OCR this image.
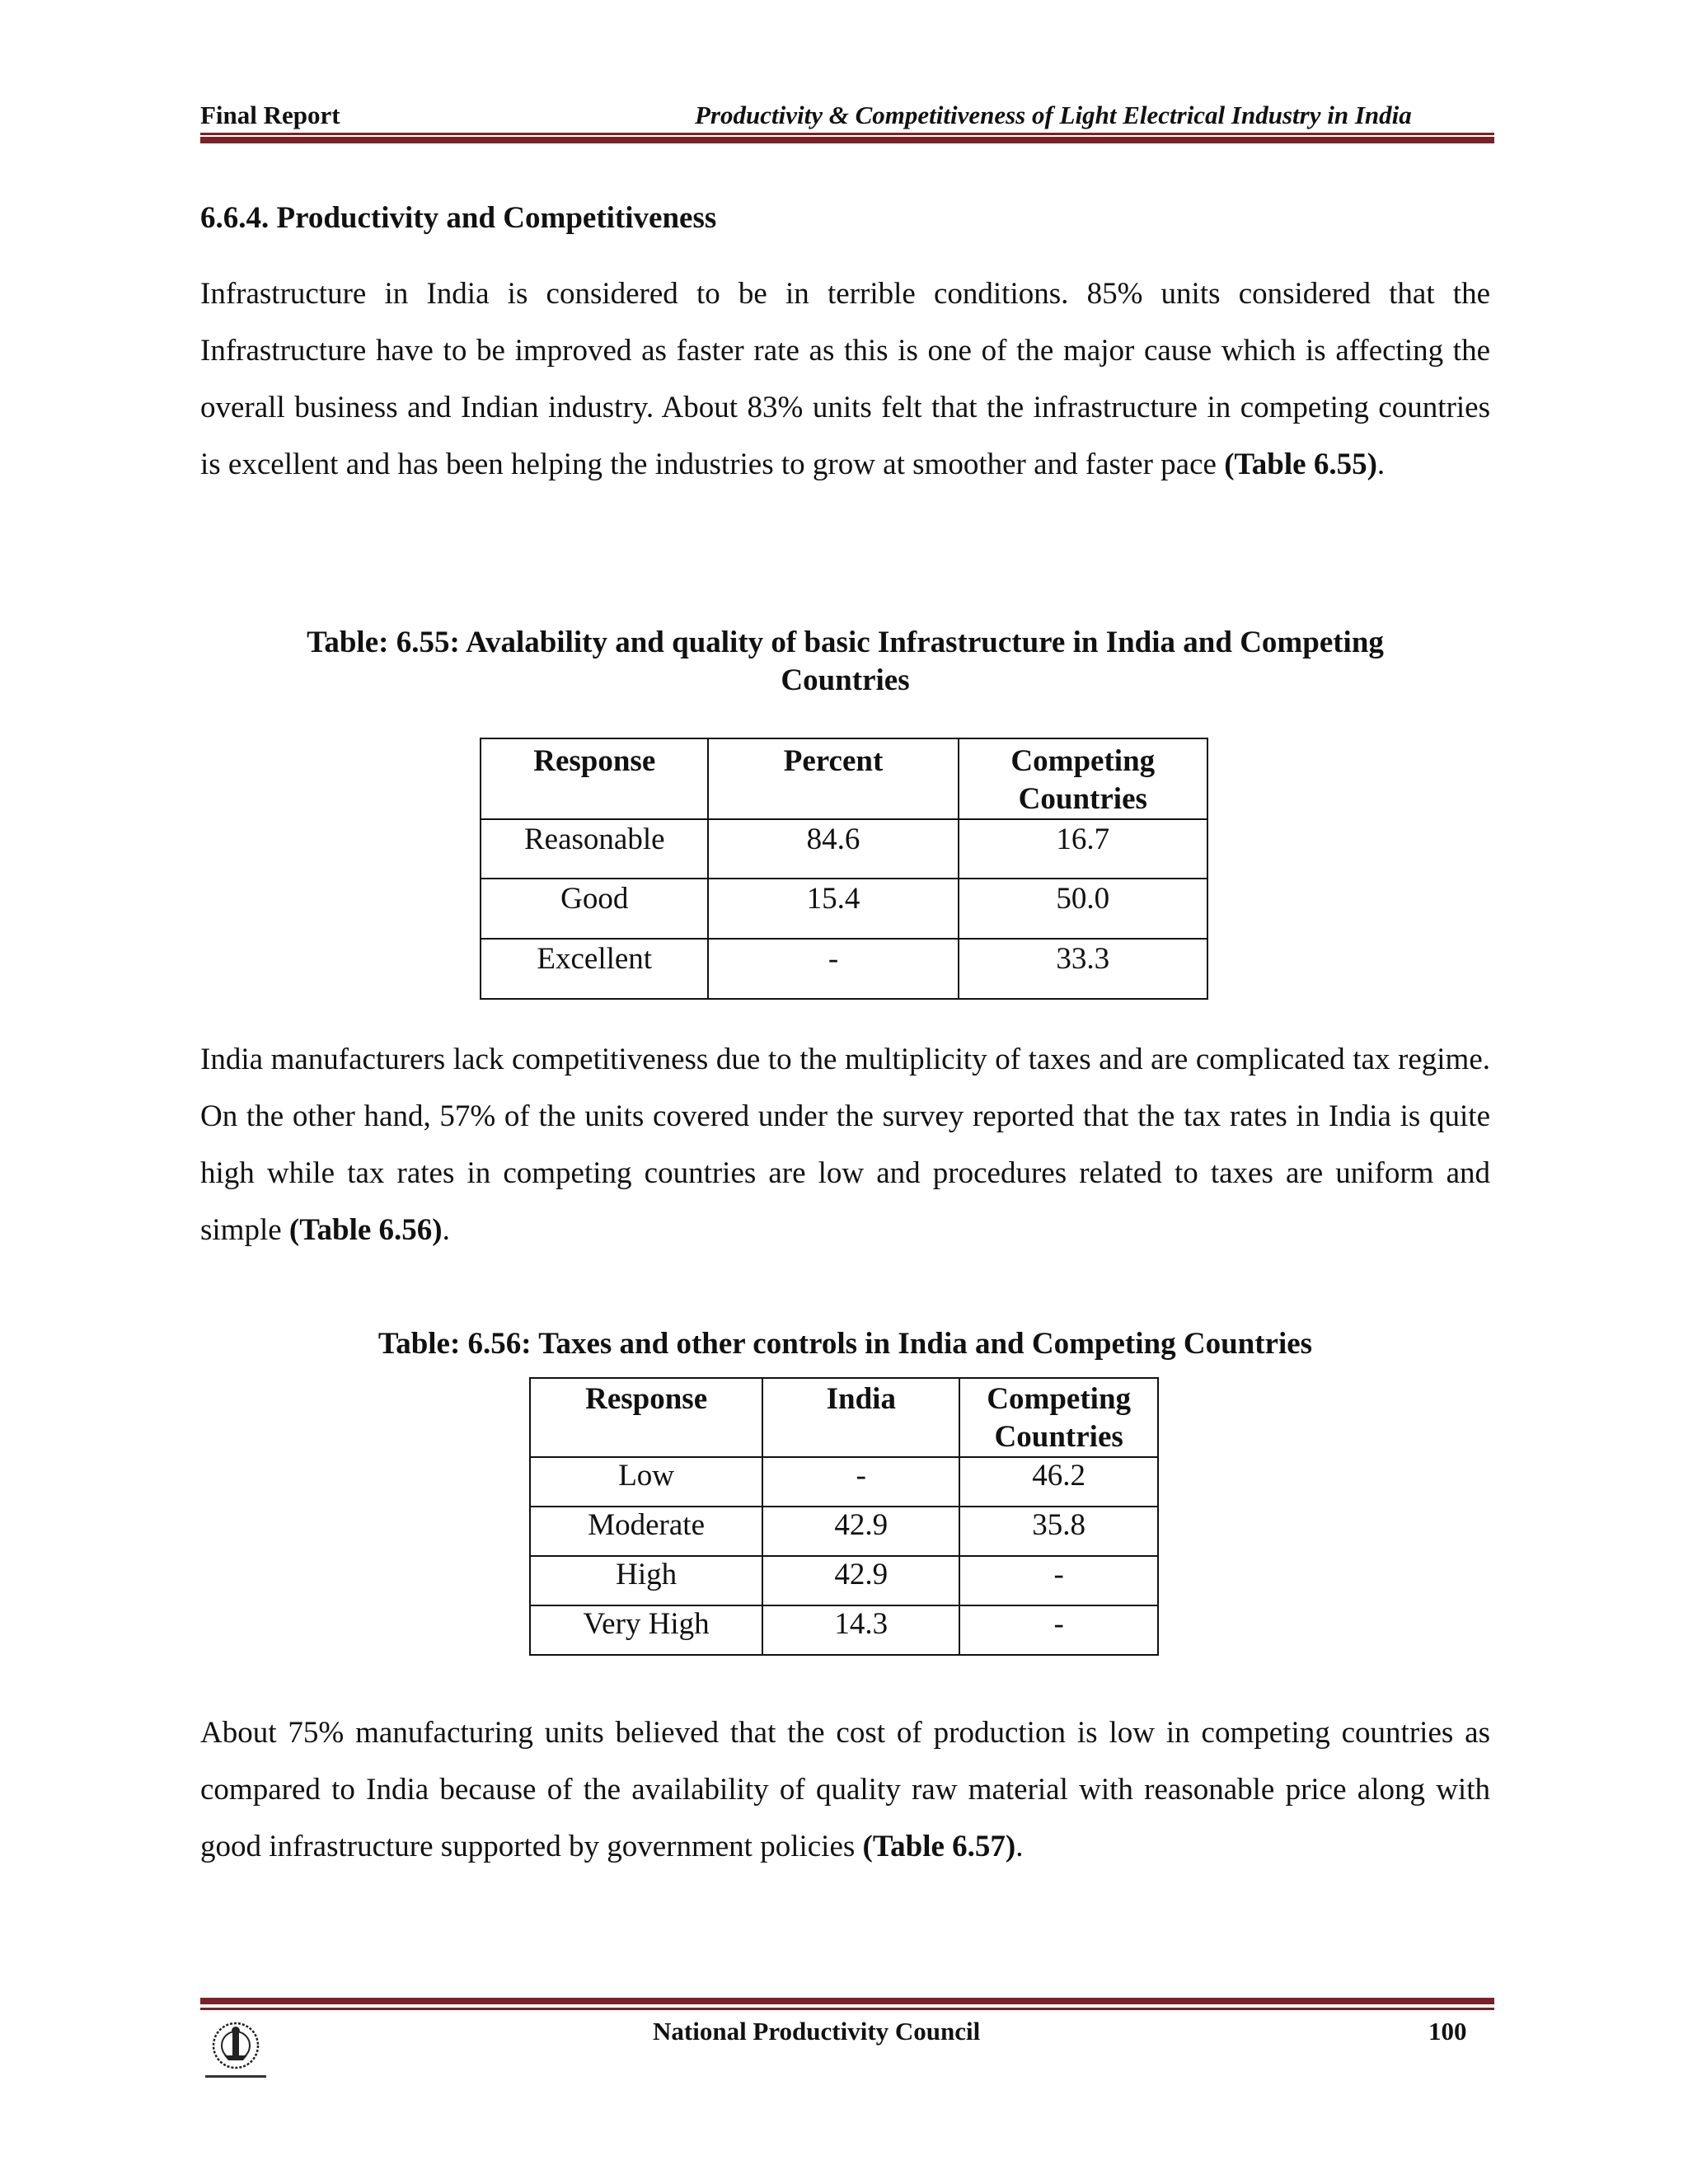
Final Report	Productivity & Competitiveness of Light Electrical Industry in India
6.6.4. Productivity and Competitiveness
Infrastructure in India is considered to be in terrible conditions. 85% units considered that the Infrastructure have to be improved as faster rate as this is one of the major cause which is affecting the overall business and Indian industry. About 83% units felt that the infrastructure in competing countries is excellent and has been helping the industries to grow at smoother and faster pace (Table 6.55).
Table: 6.55: Avalability and quality of basic Infrastructure in India and Competing
Countries
Response	Percent	Competing Countries
Reasonable	84.6	16.7
Good	15.4	50.0
Excellent	-	33.3
India manufacturers lack competitiveness due to the multiplicity of taxes and are complicated tax regime. On the other hand, 57% of the units covered under the survey reported that the tax rates in India is quite high while tax rates in competing countries are low and procedures related to taxes are uniform and simple (Table 6.56).
Table: 6.56: Taxes and other controls in India and Competing Countries
Response	India	Competing Countries
Low	-	46.2
Moderate	42.9	35.8
High	42.9	-
Very High	14.3	-
About 75% manufacturing units believed that the cost of production is low in competing countries as compared to India because of the availability of quality raw material with reasonable price along with good infrastructure supported by government policies (Table 6.57).
National Productivity Council	100
